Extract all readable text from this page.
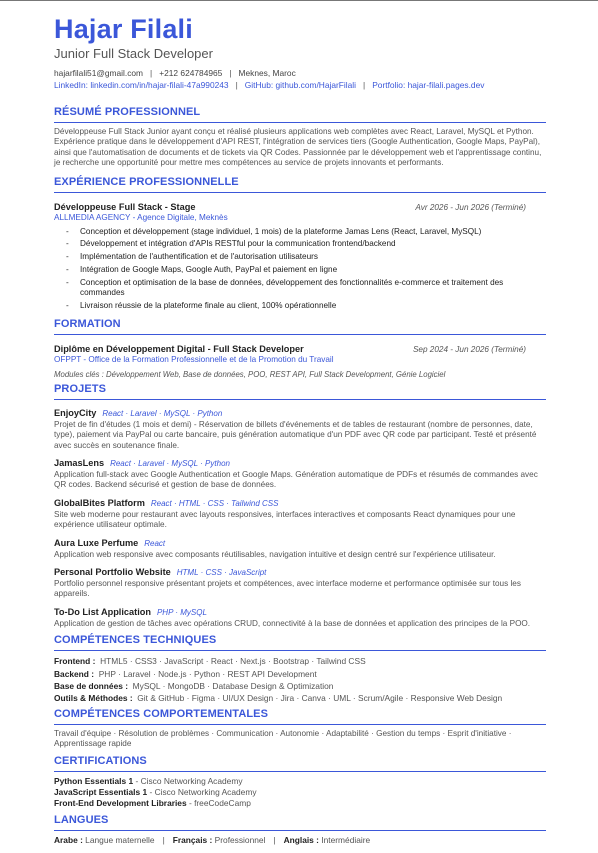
Hajar Filali
Junior Full Stack Developer
hajarfilali51@gmail.com | +212 624784965 | Meknes, Maroc
LinkedIn: linkedin.com/in/hajar-filali-47a990243 | GitHub: github.com/HajarFilali | Portfolio: hajar-filali.pages.dev
RÉSUMÉ PROFESSIONNEL

Développeuse Full Stack Junior ayant conçu et réalisé plusieurs applications web complètes avec React, Laravel, MySQL et Python. Expérience pratique dans le développement d'API REST, l'intégration de services tiers (Google Authentication, Google Maps, PayPal), ainsi que l'automatisation de documents et de tickets via QR Codes. Passionnée par le développement web et l'apprentissage continu, je recherche une opportunité pour mettre mes compétences au service de projets innovants et performants.

EXPÉRIENCE PROFESSIONNELLE
Développeuse Full Stack - Stage	Avr 2026 - Jun 2026 (Terminé)
ALLMEDIA AGENCY - Agence Digitale, Meknès
- Conception et développement (stage individuel, 1 mois) de la plateforme Jamas Lens (React, Laravel, MySQL)
- Développement et intégration d'APIs RESTful pour la communication frontend/backend
- Implémentation de l'authentification et de l'autorisation utilisateurs
- Intégration de Google Maps, Google Auth, PayPal et paiement en ligne
- Conception et optimisation de la base de données, développement des fonctionnalités e-commerce et traitement des commandes
- Livraison réussie de la plateforme finale au client, 100% opérationnelle
FORMATION
Diplôme en Développement Digital - Full Stack Developer	Sep 2024 - Jun 2026 (Terminé)
OFPPT - Office de la Formation Professionnelle et de la Promotion du Travail
Modules clés : Développement Web, Base de données, POO, REST API, Full Stack Development, Génie Logiciel
PROJETS
EnjoyCity React · Laravel · MySQL · Python
Projet de fin d'études (1 mois et demi) - Réservation de billets d'événements et de tables de restaurant (nombre de personnes, date, type), paiement via PayPal ou carte bancaire, puis génération automatique d'un PDF avec QR code par participant. Testé et présenté avec succès en soutenance finale.
JamasLens React · Laravel · MySQL · Python
Application full-stack avec Google Authentication et Google Maps. Génération automatique de PDFs et résumés de commandes avec QR codes. Backend sécurisé et gestion de base de données.
GlobalBites Platform React · HTML · CSS · Tailwind CSS
Site web moderne pour restaurant avec layouts responsives, interfaces interactives et composants React dynamiques pour une expérience utilisateur optimale.
Aura Luxe Perfume React
Application web responsive avec composants réutilisables, navigation intuitive et design centré sur l'expérience utilisateur.
Personal Portfolio Website HTML · CSS · JavaScript
Portfolio personnel responsive présentant projets et compétences, avec interface moderne et performance optimisée sur tous les appareils.
To-Do List Application PHP · MySQL
Application de gestion de tâches avec opérations CRUD, connectivité à la base de données et application des principes de la POO.
COMPÉTENCES TECHNIQUES
Frontend : HTML5 · CSS3 · JavaScript · React · Next.js · Bootstrap · Tailwind CSS
Backend : PHP · Laravel · Node.js · Python · REST API Development
Base de données : MySQL · MongoDB · Database Design & Optimization
Outils & Méthodes : Git & GitHub · Figma · UI/UX Design · Jira · Canva · UML · Scrum/Agile · Responsive Web Design
COMPÉTENCES COMPORTEMENTALES
Travail d'équipe · Résolution de problèmes · Communication · Autonomie · Adaptabilité · Gestion du temps · Esprit d'initiative · Apprentissage rapide
CERTIFICATIONS
Python Essentials 1 - Cisco Networking Academy
JavaScript Essentials 1 - Cisco Networking Academy
Front-End Development Libraries - freeCodeCamp
LANGUES
Arabe : Langue maternelle | Français : Professionnel | Anglais : Intermédiaire
